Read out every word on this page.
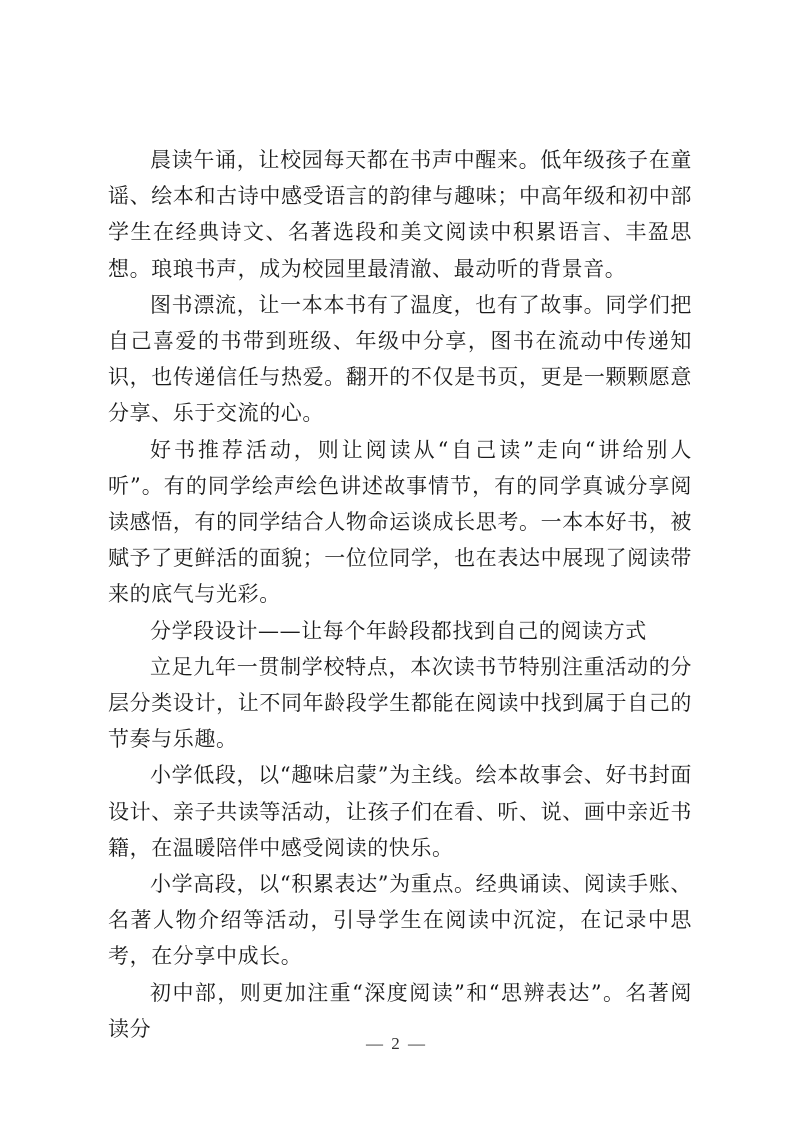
晨读午诵，让校园每天都在书声中醒来。低年级孩子在童谣、绘本和古诗中感受语言的韵律与趣味；中高年级和初中部学生在经典诗文、名著选段和美文阅读中积累语言、丰盈思想。琅琅书声，成为校园里最清澈、最动听的背景音。

图书漂流，让一本本书有了温度，也有了故事。同学们把自己喜爱的书带到班级、年级中分享，图书在流动中传递知识，也传递信任与热爱。翻开的不仅是书页，更是一颗颗愿意分享、乐于交流的心。

好书推荐活动，则让阅读从“自己读”走向“讲给别人听”。有的同学绘声绘色讲述故事情节，有的同学真诚分享阅读感悟，有的同学结合人物命运谈成长思考。一本本好书，被赋予了更鲜活的面貌；一位位同学，也在表达中展现了阅读带来的底气与光彩。

分学段设计——让每个年龄段都找到自己的阅读方式

立足九年一贯制学校特点，本次读书节特别注重活动的分层分类设计，让不同年龄段学生都能在阅读中找到属于自己的节奏与乐趣。

小学低段，以“趣味启蒙”为主线。绘本故事会、好书封面设计、亲子共读等活动，让孩子们在看、听、说、画中亲近书籍，在温暖陪伴中感受阅读的快乐。

小学高段，以“积累表达”为重点。经典诵读、阅读手账、名著人物介绍等活动，引导学生在阅读中沉淀，在记录中思考，在分享中成长。

初中部，则更加注重“深度阅读”和“思辨表达”。名著阅读分

— 2 —
